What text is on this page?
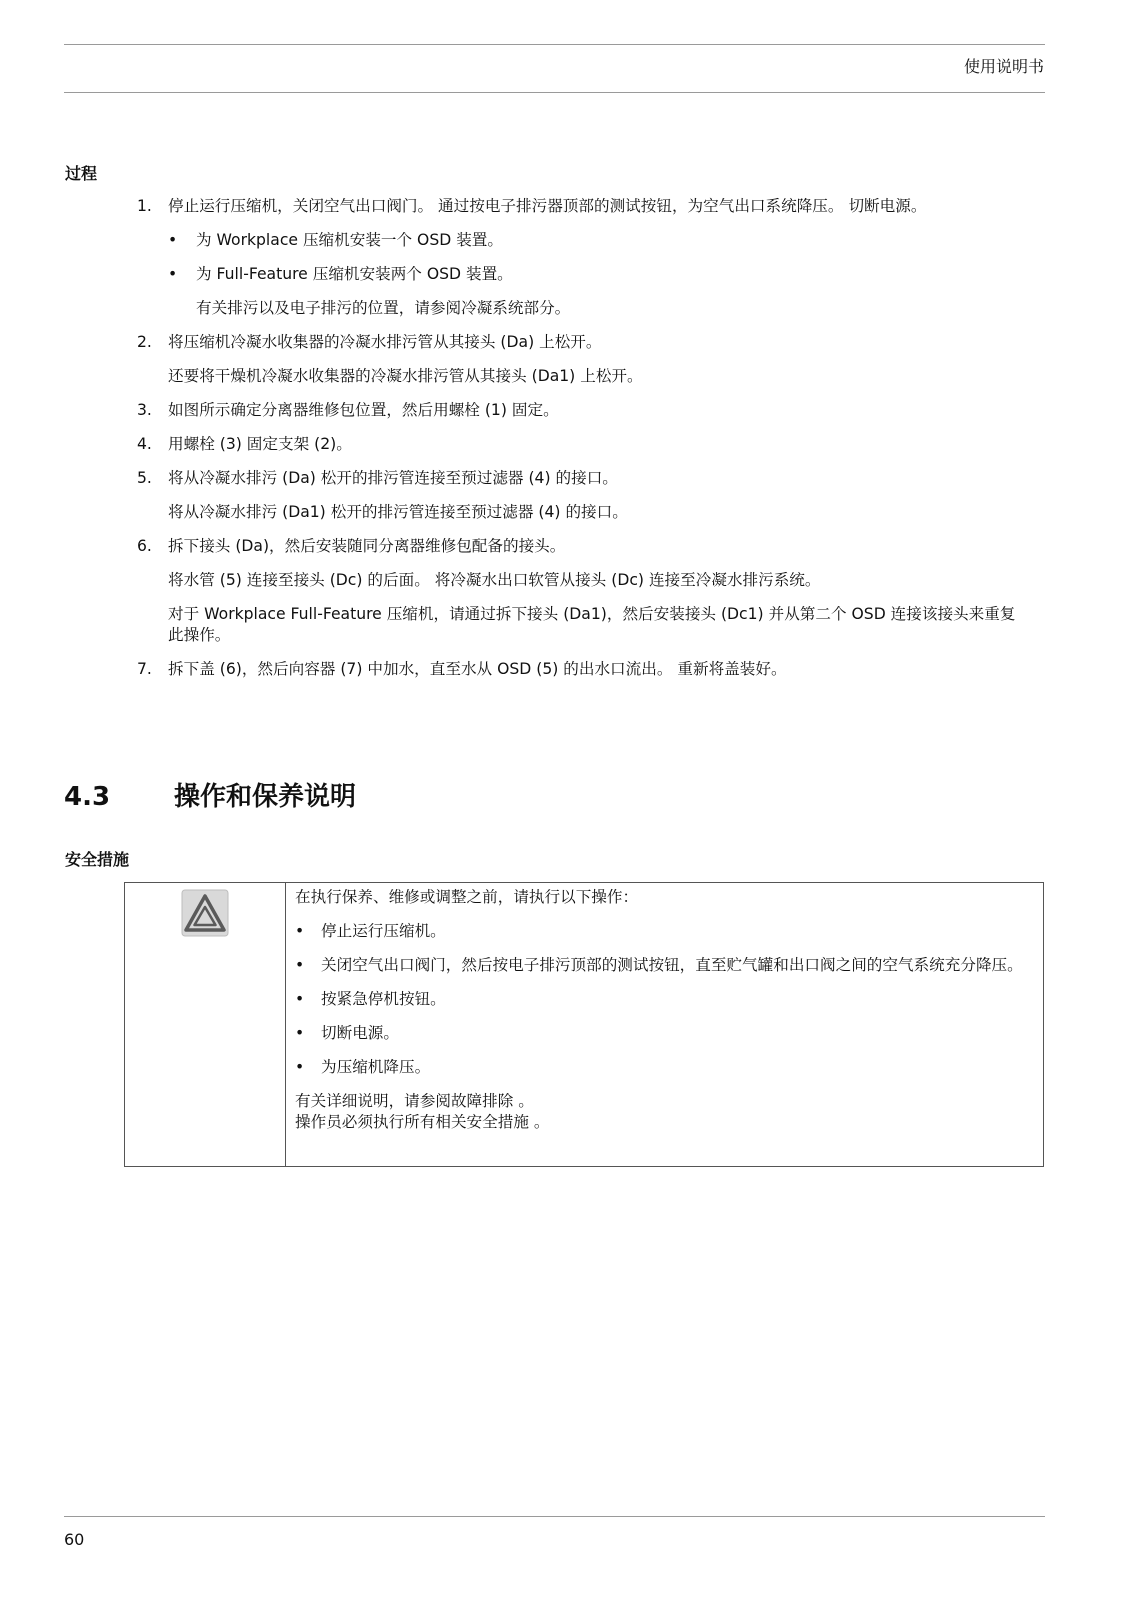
使用说明书
过程
1. 停止运行压缩机，关闭空气出口阀门。 通过按电子排污器顶部的测试按钮，为空气出口系统降压。 切断电源。
• 为 Workplace 压缩机安装一个 OSD 装置。
• 为 Full-Feature 压缩机安装两个 OSD 装置。
有关排污以及电子排污的位置，请参阅冷凝系统部分。
2. 将压缩机冷凝水收集器的冷凝水排污管从其接头 (Da) 上松开。
还要将干燥机冷凝水收集器的冷凝水排污管从其接头 (Da1) 上松开。
3. 如图所示确定分离器维修包位置，然后用螺栓 (1) 固定。
4. 用螺栓 (3) 固定支架 (2)。
5. 将从冷凝水排污 (Da) 松开的排污管连接至预过滤器 (4) 的接口。
将从冷凝水排污 (Da1) 松开的排污管连接至预过滤器 (4) 的接口。
6. 拆下接头 (Da)，然后安装随同分离器维修包配备的接头。
将水管 (5) 连接至接头 (Dc) 的后面。 将冷凝水出口软管从接头 (Dc) 连接至冷凝水排污系统。
对于 Workplace Full-Feature 压缩机，请通过拆下接头 (Da1)，然后安装接头 (Dc1) 并从第二个 OSD 连接该接头来重复此操作。
7. 拆下盖 (6)，然后向容器 (7) 中加水，直至水从 OSD (5) 的出水口流出。 重新将盖装好。
4.3 操作和保养说明
安全措施
在执行保养、维修或调整之前，请执行以下操作：
• 停止运行压缩机。
• 关闭空气出口阀门，然后按电子排污顶部的测试按钮，直至贮气罐和出口阀之间的空气系统充分降压。
• 按紧急停机按钮。
• 切断电源。
• 为压缩机降压。
有关详细说明，请参阅故障排除 。
操作员必须执行所有相关安全措施 。
60
